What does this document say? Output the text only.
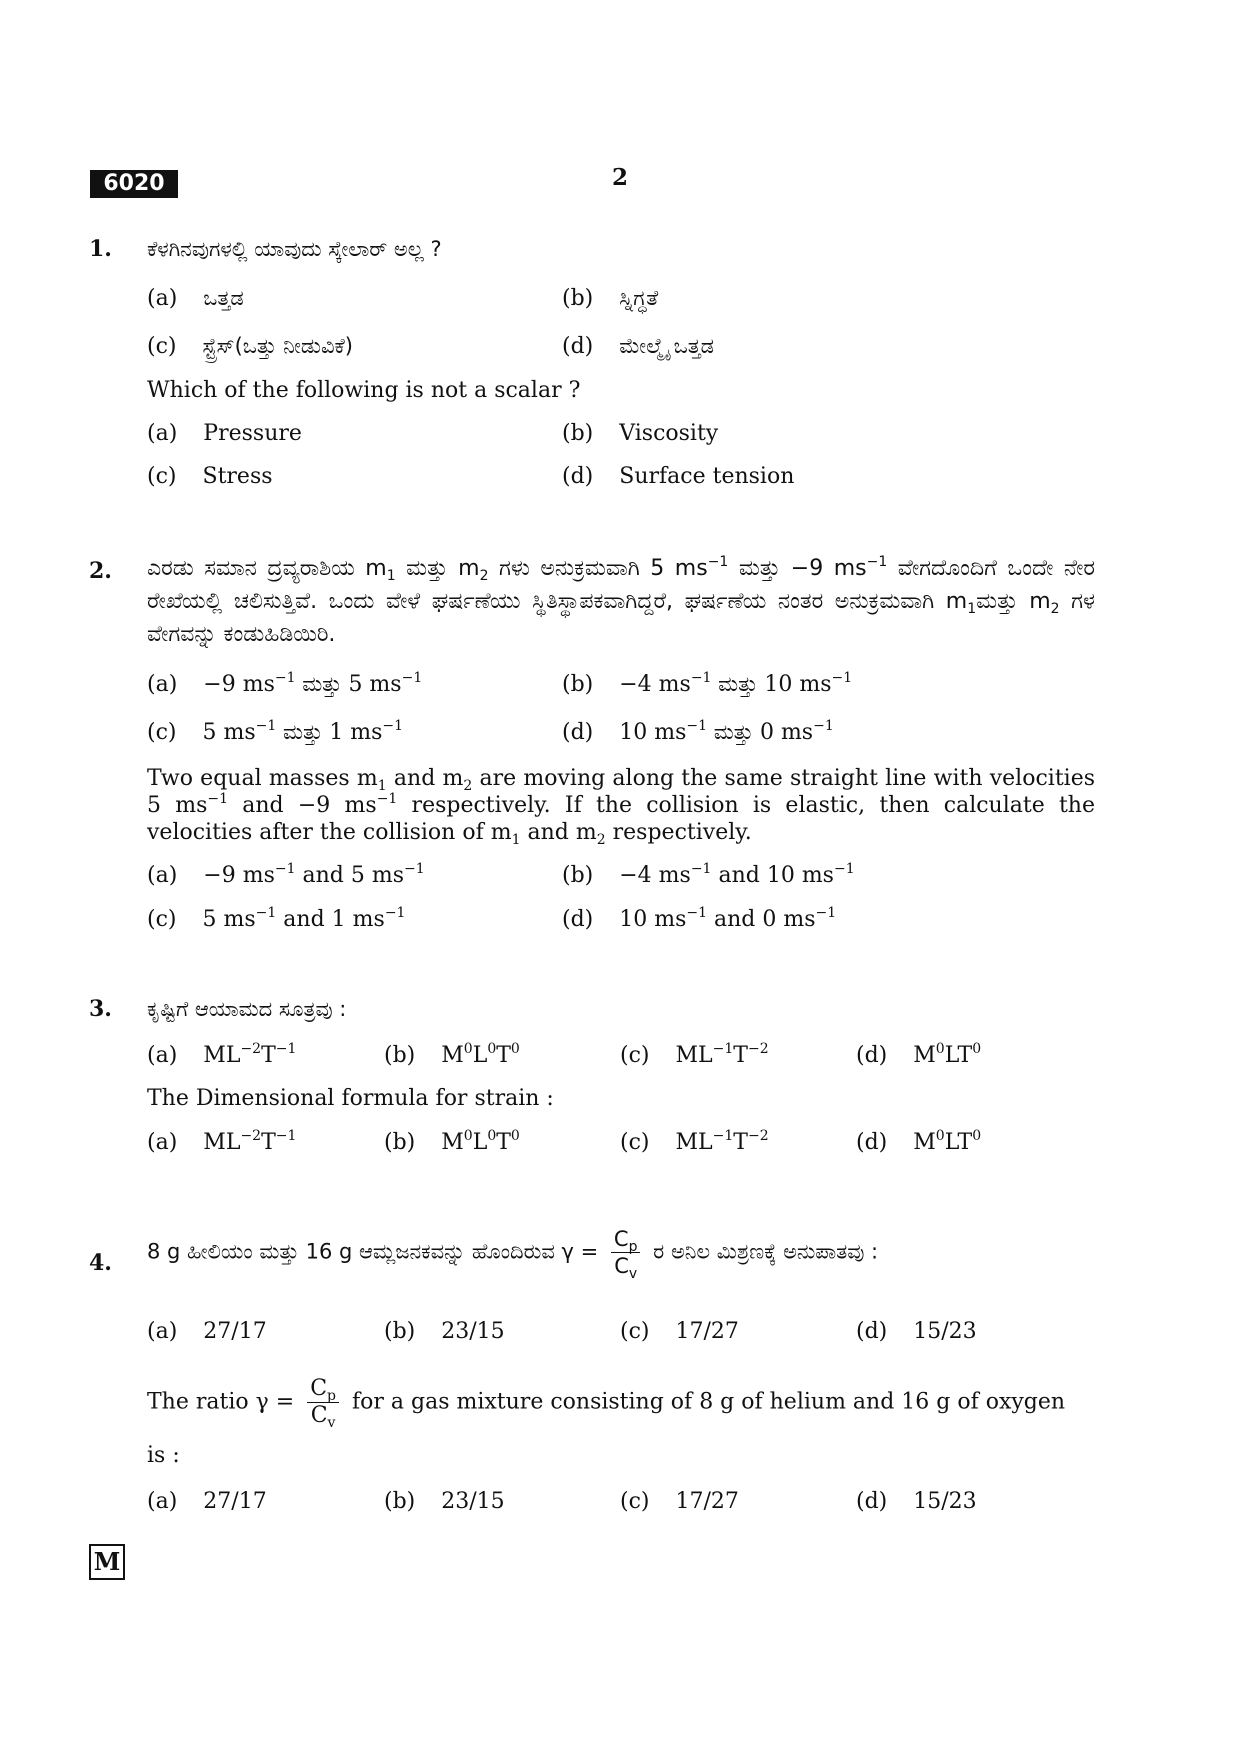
6020	2
1. ಕೆಳಗಿನವುಗಳಲ್ಲಿ ಯಾವುದು ಸ್ಕೇಲಾರ್ ಅಲ್ಲ ?
(a) ಒತ್ತಡ	(b) ಸ್ನಿಗ್ಧತೆ
(c) ಸ್ಟ್ರೆಸ್(ಒತ್ತು ನೀಡುವಿಕೆ)	(d) ಮೇಲ್ಮೈ ಒತ್ತಡ
Which of the following is not a scalar ?
(a) Pressure	(b) Viscosity
(c) Stress	(d) Surface tension
2. ಎರಡು ಸಮಾನ ದ್ರವ್ಯರಾಶಿಯ $m_1$ ಮತ್ತು $m_2$ ಗಳು ಅನುಕ್ರಮವಾಗಿ 5 $ms^{-1}$ ಮತ್ತು −9 $ms^{-1}$ ವೇಗದೊಂದಿಗೆ ಒಂದೇ ನೇರ ರೇಖೆಯಲ್ಲಿ ಚಲಿಸುತ್ತಿವೆ. ಒಂದು ವೇಳೆ ಘರ್ಷಣೆಯು ಸ್ಥಿತಿಸ್ಥಾಪಕವಾಗಿದ್ದರೆ, ಘರ್ಷಣೆಯ ನಂತರ ಅನುಕ್ರಮವಾಗಿ $m_1ಮತ್ತು$ $m_2$ ಗಳ ವೇಗವನ್ನು ಕಂಡುಹಿಡಿಯಿರಿ.
(a) −9 $ms^{-1}$ ಮತ್ತು 5 $ms^{-1}$	(b) −4 $ms^{-1}$ ಮತ್ತು 10 $ms^{-1}$
(c) 5 $ms^{-1}$ ಮತ್ತು 1 $ms^{-1}$	(d) 10 $ms^{-1}$ ಮತ್ತು 0 $ms^{-1}$
Two equal masses $m_1$ and $m_2$ are moving along the same straight line with velocities 5 $ms^{-1}$ and −9 $ms^{-1}$ respectively. If the collision is elastic, then calculate the velocities after the collision of $m_1$ and $m_2$ respectively.
(a) −9 $ms^{-1}$ and 5 $ms^{-1}$	(b) −4 $ms^{-1}$ and 10 $ms^{-1}$
(c) 5 $ms^{-1}$ and 1 $ms^{-1}$	(d) 10 $ms^{-1}$ and 0 $ms^{-1}$
3. ಕೃಷ್ಟಿಗೆ ಆಯಾಮದ ಸೂತ್ರವು :
(a) $ML^{-2}T^{-1}$	(b) $M^0L^0T^0$	(c) $ML^{-1}T^{-2}$	(d) $M^0LT^0$
The Dimensional formula for strain :
(a) $ML^{-2}T^{-1}$	(b) $M^0L^0T^0$	(c) $ML^{-1}T^{-2}$	(d) $M^0LT^0$
4. 8 g ಹೀಲಿಯಂ ಮತ್ತು 16 g ಆಮ್ಲಜನಕವನ್ನು ಹೊಂದಿರುವ $\gamma = \frac{C_p}{C_v}$ ರ ಅನಿಲ ಮಿಶ್ರಣಕ್ಕೆ ಅನುಪಾತವು :
(a) 27/17	(b) 23/15	(c) 17/27	(d) 15/23
The ratio $\gamma = \frac{C_p}{C_v}$ for a gas mixture consisting of 8 g of helium and 16 g of oxygen
is :
(a) 27/17	(b) 23/15	(c) 17/27	(d) 15/23
M
